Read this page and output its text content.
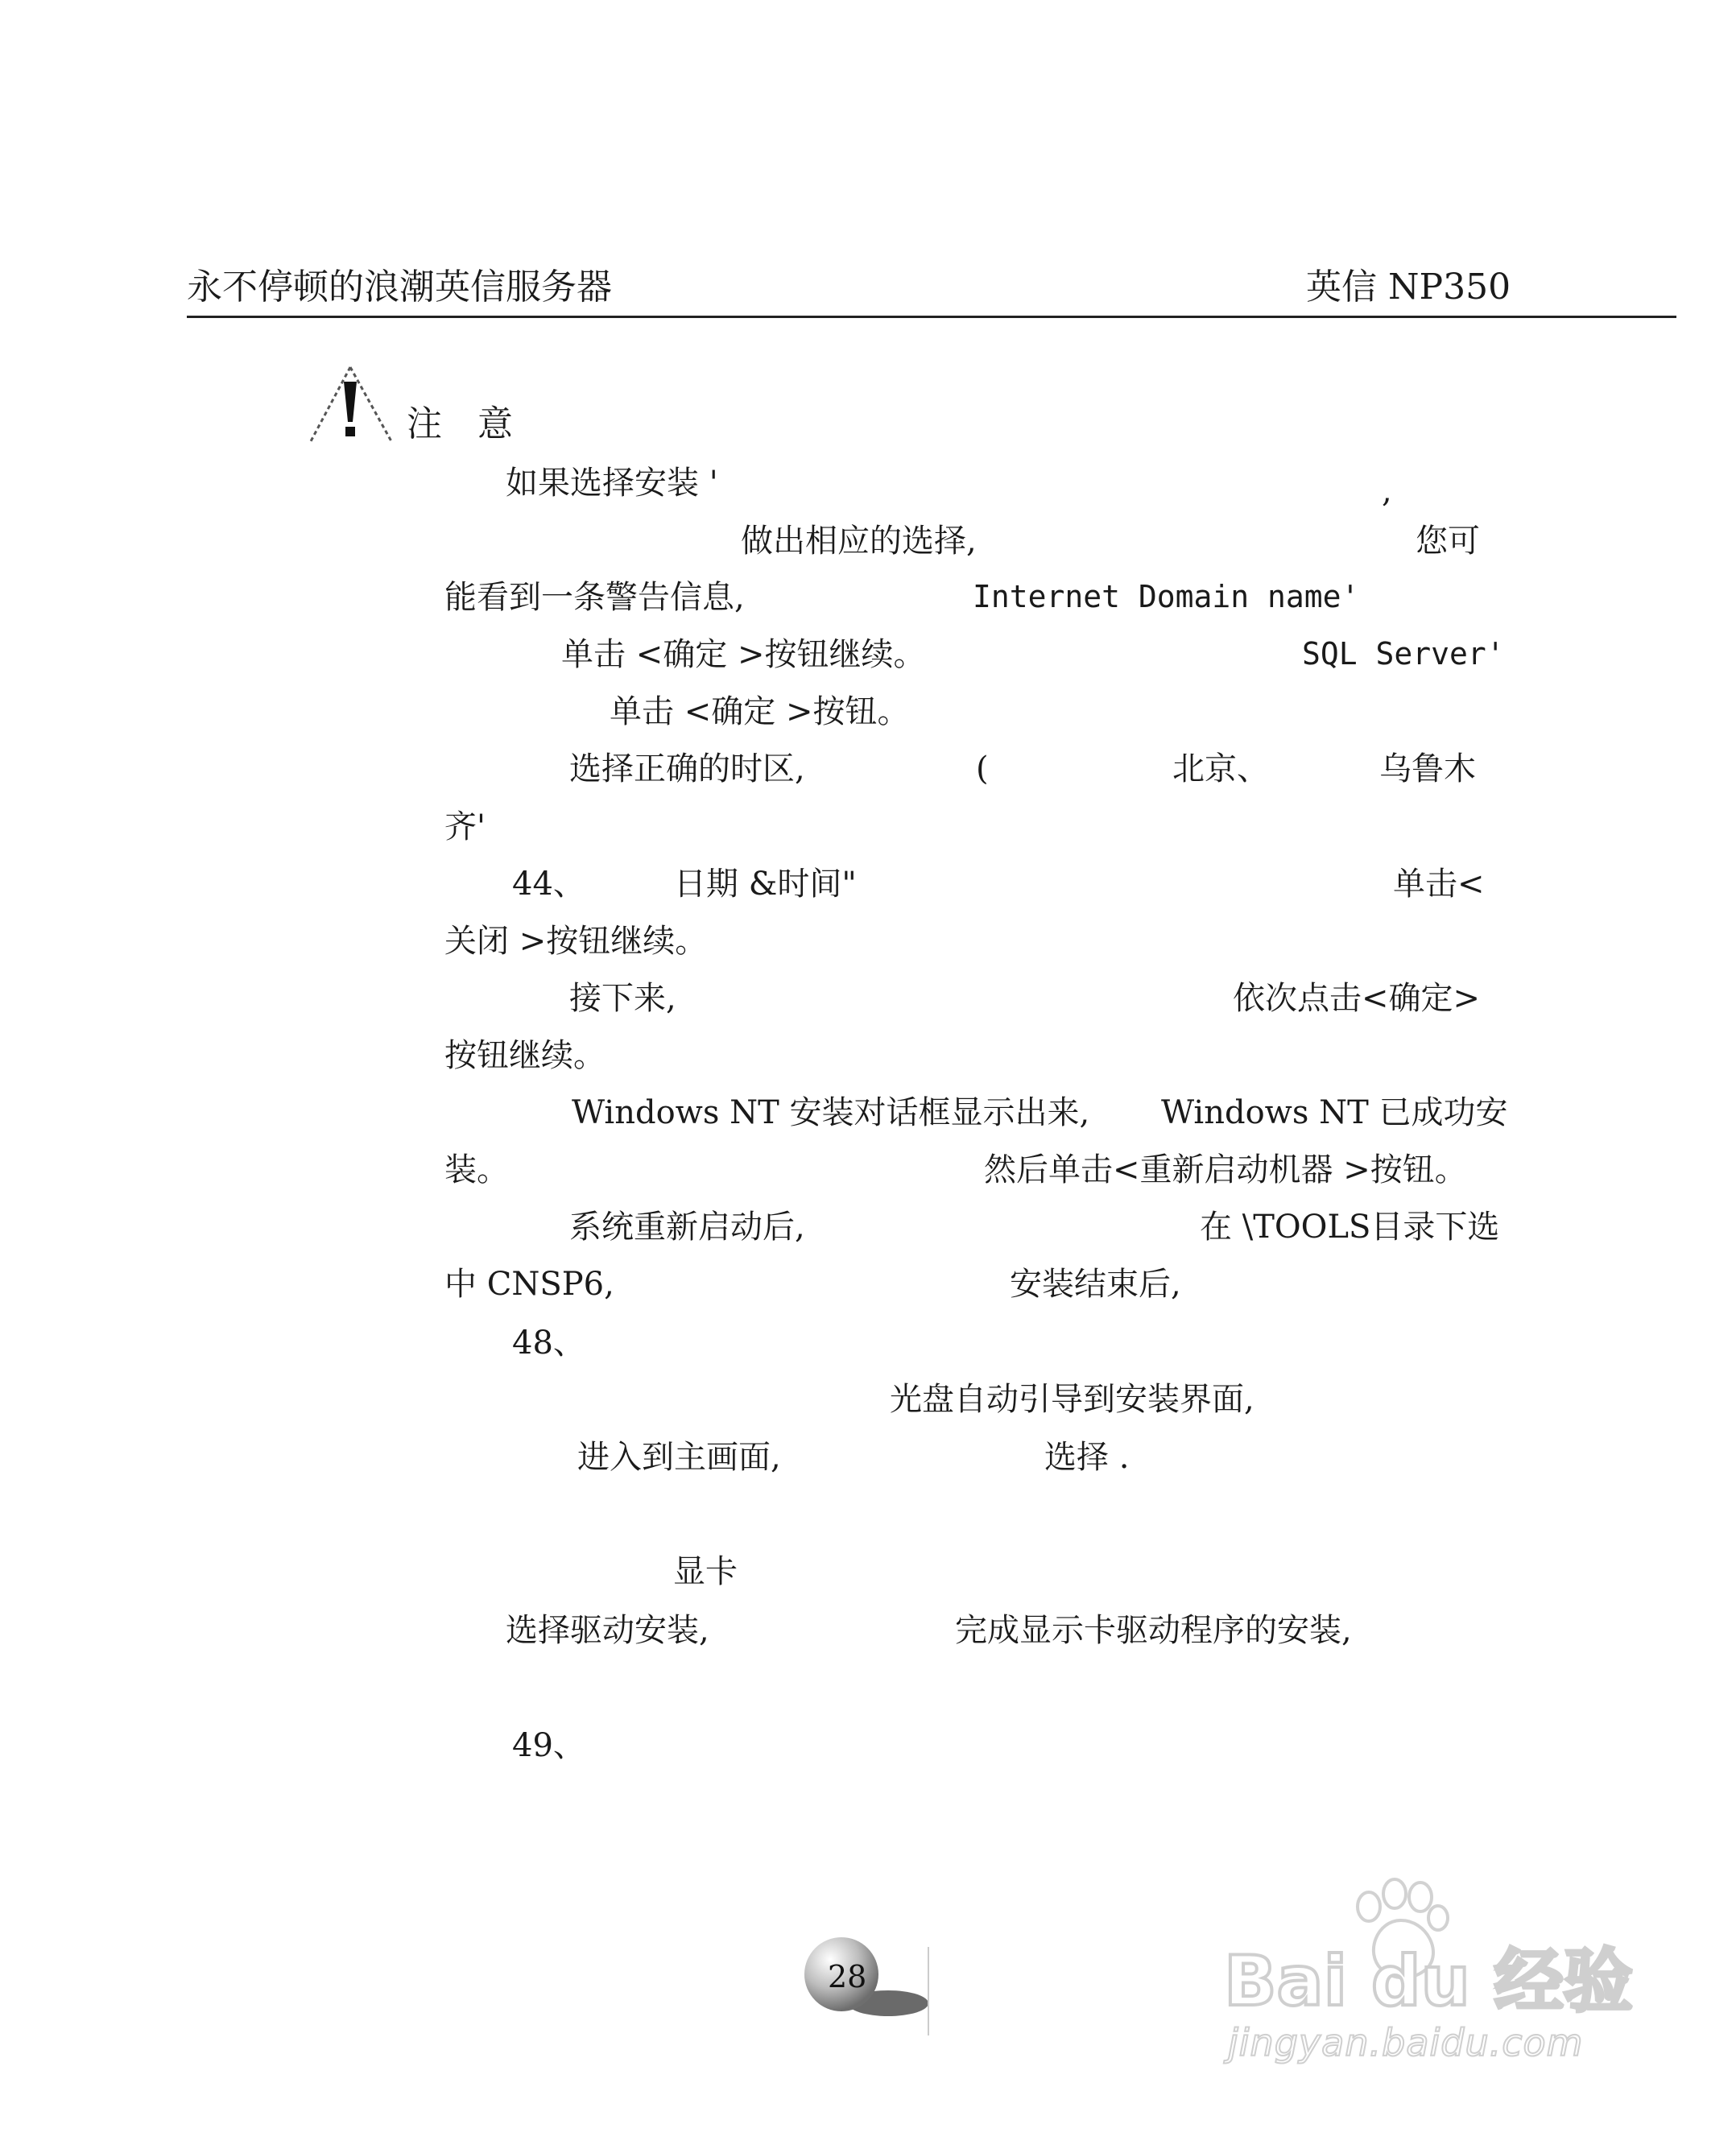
永不停顿的浪潮英信服务器	英信 NP350
注　意
如果选择安装 '	,
做出相应的选择,	您可
能看到一条警告信息,	Internet Domain name'
单击 <确定 >按钮继续。	SQL Server'
单击 <确定 >按钮。
选择正确的时区,	(	北京、	乌鲁木
齐'
44、	日期 &时间"	单击<
关闭 >按钮继续。
接下来,	依次点击<确定>
按钮继续。
Windows NT 安装对话框显示出来, Windows NT 已成功安
装。	然后单击<重新启动机器 >按钮。
系统重新启动后,	在 \TOOLS目录下选
中 CNSP6,	安装结束后,
48、
光盘自动引导到安装界面,
进入到主画面,	选择 .
显卡
选择驱动安装,	完成显示卡驱动程序的安装,
49、
28	Bai du 经验
jingyan.baidu.com
